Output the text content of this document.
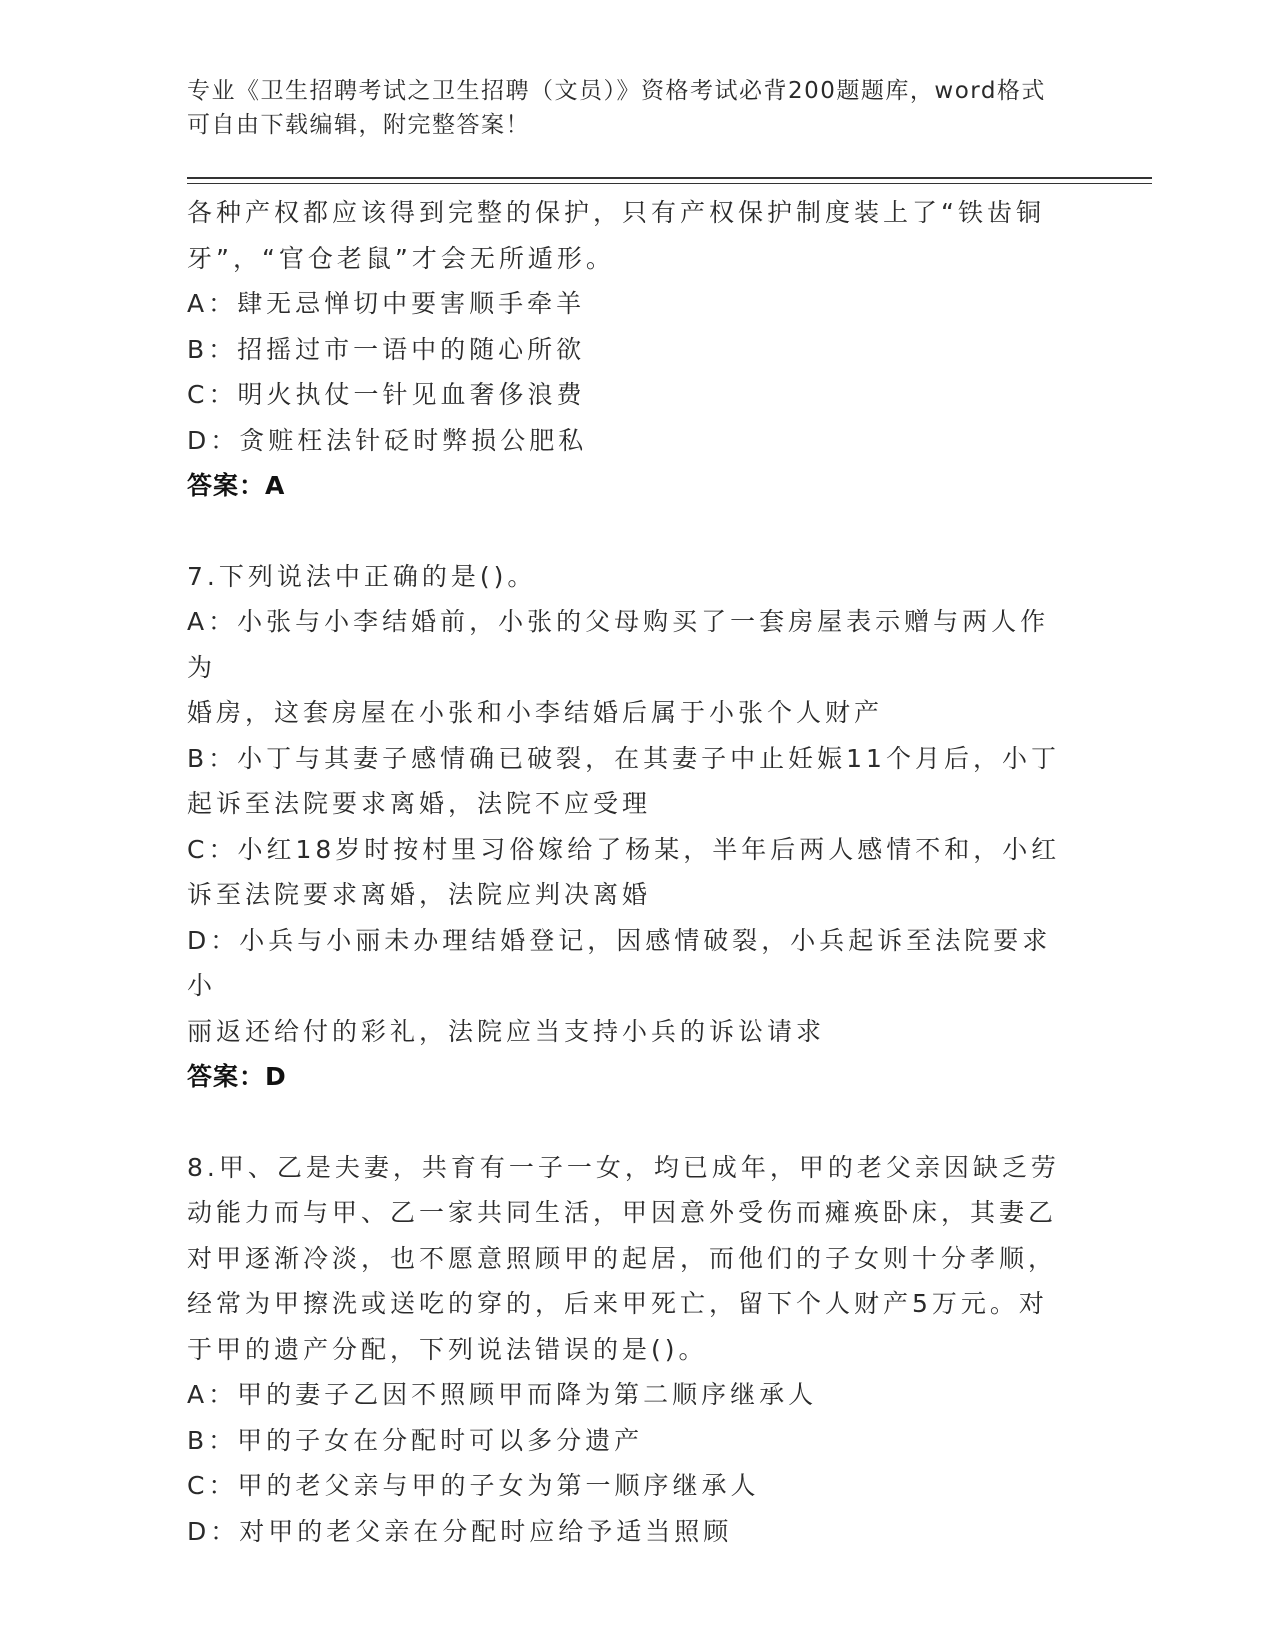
专业《卫生招聘考试之卫生招聘（文员）》资格考试必背200题题库，word格式
可自由下载编辑，附完整答案！

各种产权都应该得到完整的保护，只有产权保护制度装上了“铁齿铜

牙”，“官仓老鼠”才会无所遁形。

A：肆无忌惮切中要害顺手牵羊

B：招摇过市一语中的随心所欲

C：明火执仗一针见血奢侈浪费

D：贪赃枉法针砭时弊损公肥私

答案：A

7.下列说法中正确的是()。

A：小张与小李结婚前，小张的父母购买了一套房屋表示赠与两人作为

婚房，这套房屋在小张和小李结婚后属于小张个人财产

B：小丁与其妻子感情确已破裂，在其妻子中止妊娠11个月后，小丁

起诉至法院要求离婚，法院不应受理

C：小红18岁时按村里习俗嫁给了杨某，半年后两人感情不和，小红

诉至法院要求离婚，法院应判决离婚

D：小兵与小丽未办理结婚登记，因感情破裂，小兵起诉至法院要求小

丽返还给付的彩礼，法院应当支持小兵的诉讼请求

答案：D

8.甲、乙是夫妻，共育有一子一女，均已成年，甲的老父亲因缺乏劳

动能力而与甲、乙一家共同生活，甲因意外受伤而瘫痪卧床，其妻乙

对甲逐渐冷淡，也不愿意照顾甲的起居，而他们的子女则十分孝顺，

经常为甲擦洗或送吃的穿的，后来甲死亡，留下个人财产5万元。对

于甲的遗产分配，下列说法错误的是()。

A：甲的妻子乙因不照顾甲而降为第二顺序继承人

B：甲的子女在分配时可以多分遗产

C：甲的老父亲与甲的子女为第一顺序继承人

D：对甲的老父亲在分配时应给予适当照顾
